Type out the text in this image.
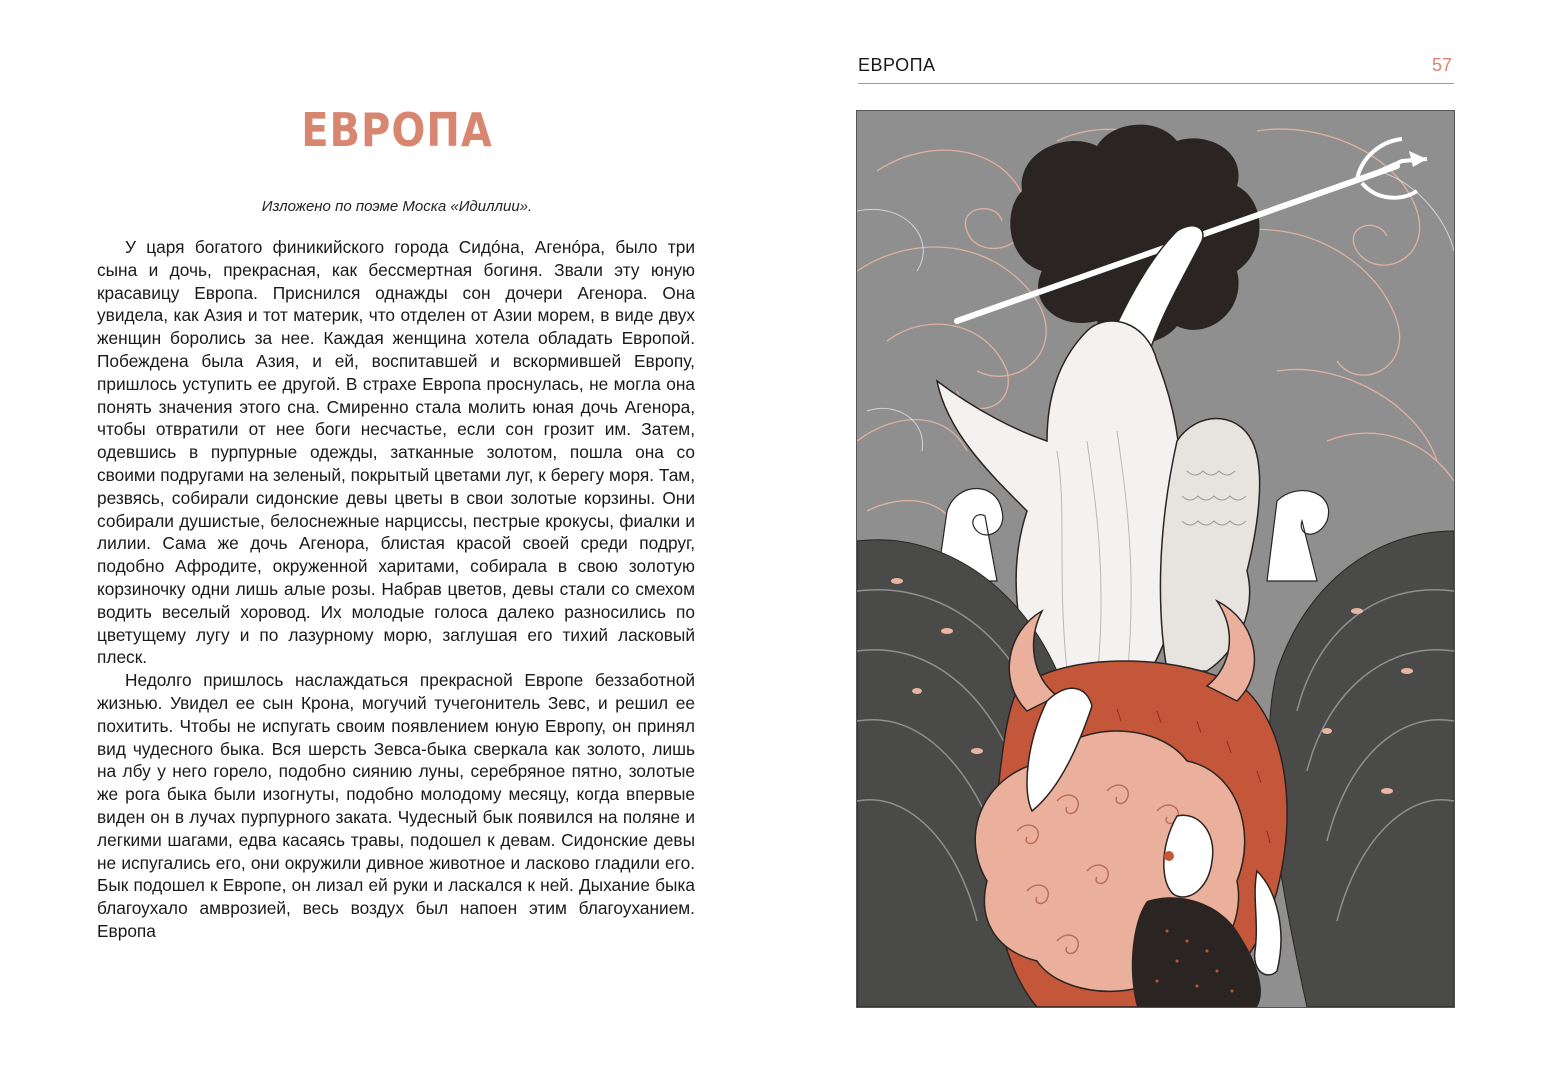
ЕВРОПА

Изложено по поэме Моска «Идиллии».

У царя богатого финикийского города Сидóна, Агенóра, было три сына и дочь, прекрасная, как бессмертная богиня. Звали эту юную красавицу Европа. Приснился однажды сон дочери Агенора. Она увидела, как Азия и тот материк, что отделен от Азии морем, в виде двух женщин боролись за нее. Каждая женщина хотела обладать Европой. Побеждена была Азия, и ей, воспитавшей и вскормившей Европу, пришлось уступить ее другой. В страхе Европа проснулась, не могла она понять значения этого сна. Смиренно стала молить юная дочь Агенора, чтобы отвратили от нее боги несчастье, если сон грозит им. Затем, одевшись в пурпурные одежды, затканные золотом, пошла она со своими подругами на зеленый, покрытый цветами луг, к берегу моря. Там, резвясь, собирали сидонские девы цветы в свои золотые корзины. Они собирали душистые, белоснежные нарциссы, пестрые крокусы, фиалки и лилии. Сама же дочь Агенора, блистая красой своей среди подруг, подобно Афродите, окруженной харитами, собирала в свою золотую корзиночку одни лишь алые розы. Набрав цветов, девы стали со смехом водить веселый хоровод. Их молодые голоса далеко разносились по цветущему лугу и по лазурному морю, заглушая его тихий ласковый плеск.

Недолго пришлось наслаждаться прекрасной Европе беззаботной жизнью. Увидел ее сын Крона, могучий тучегонитель Зевс, и решил ее похитить. Чтобы не испугать своим появлением юную Европу, он принял вид чудесного быка. Вся шерсть Зевса-быка сверкала как золото, лишь на лбу у него горело, подобно сиянию луны, серебряное пятно, золотые же рога быка были изогнуты, подобно молодому месяцу, когда впервые виден он в лучах пурпурного заката. Чудесный бык появился на поляне и легкими шагами, едва касаясь травы, подошел к девам. Сидонские девы не испугались его, они окружили дивное животное и ласково гладили его. Бык подошел к Европе, он лизал ей руки и ласкался к ней. Дыхание быка благоухало амврозией, весь воздух был напоен этим благоуханием. Европа

ЕВРОПА	57
